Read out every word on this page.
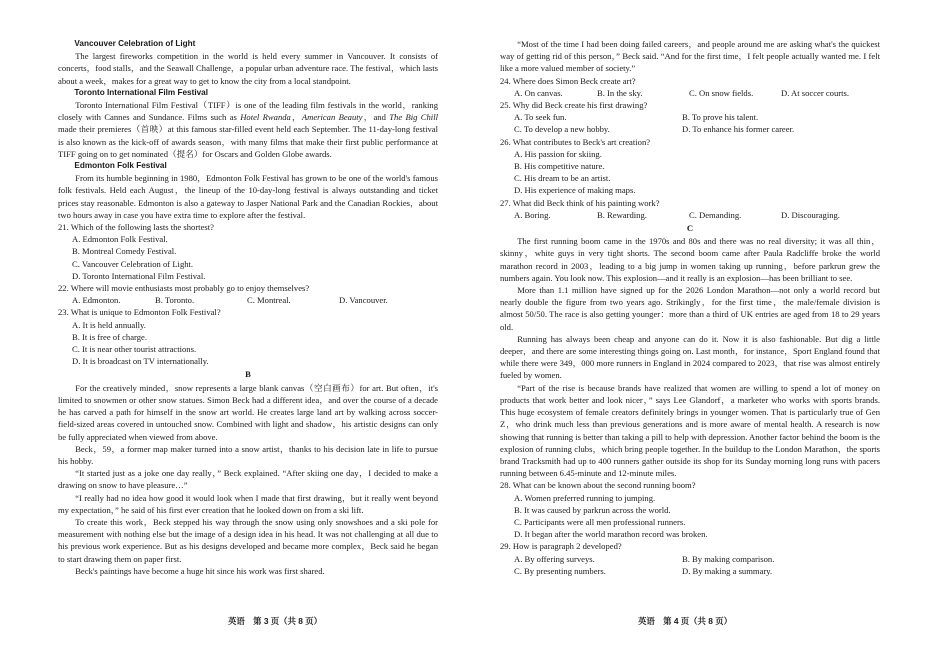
Vancouver Celebration of Light

The largest fireworks competition in the world is held every summer in Vancouver. It consists of concerts，food stalls，and the Seawall Challenge，a popular urban adventure race. The festival，which lasts about a week，makes for a great way to get to know the city from a local standpoint.

Toronto International Film Festival

Toronto International Film Festival（TIFF）is one of the leading film festivals in the world，ranking closely with Cannes and Sundance. Films such as Hotel Rwanda，American Beauty，and The Big Chill made their premieres（首映）at this famous star-filled event held each September. The 11-day-long festival is also known as the kick-off of awards season，with many films that make their first public performance at TIFF going on to get nominated（提名）for Oscars and Golden Globe awards.

Edmonton Folk Festival

From its humble beginning in 1980，Edmonton Folk Festival has grown to be one of the world's famous folk festivals. Held each August，the lineup of the 10-day-long festival is always outstanding and ticket prices stay reasonable. Edmonton is also a gateway to Jasper National Park and the Canadian Rockies，about two hours away in case you have extra time to explore after the festival.

21. Which of the following lasts the shortest?

A. Edmonton Folk Festival.

B. Montreal Comedy Festival.

C. Vancouver Celebration of Light.

D. Toronto International Film Festival.

22. Where will movie enthusiasts most probably go to enjoy themselves?

A. Edmonton.	B. Toronto.	C. Montreal.	D. Vancouver.

23. What is unique to Edmonton Folk Festival?

A. It is held annually.

B. It is free of charge.

C. It is near other tourist attractions.

D. It is broadcast on TV internationally.

B

For the creatively minded，snow represents a large blank canvas（空白画布）for art. But often，it's limited to snowmen or other snow statues. Simon Beck had a different idea，and over the course of a decade he has carved a path for himself in the snow art world. He creates large land art by walking across soccer-field-sized areas covered in untouched snow. Combined with light and shadow，his artistic designs can only be fully appreciated when viewed from above.

Beck，59，a former map maker turned into a snow artist，thanks to his decision late in life to pursue his hobby.

“It started just as a joke one day really，” Beck explained. “After skiing one day，I decided to make a drawing on snow to have pleasure…”

“I really had no idea how good it would look when I made that first drawing，but it really went beyond my expectation，” he said of his first ever creation that he looked down on from a ski lift.

To create this work，Beck stepped his way through the snow using only snowshoes and a ski pole for measurement with nothing else but the image of a design idea in his head. It was not challenging at all due to his previous work experience. But as his designs developed and became more complex，Beck said he began to start drawing them on paper first.

Beck's paintings have become a huge hit since his work was first shared.

“Most of the time I had been doing failed careers，and people around me are asking what's the quickest way of getting rid of this person，” Beck said. “And for the first time，I felt people actually wanted me. I felt like a more valued member of society.”

24. Where does Simon Beck create art?

A. On canvas.	B. In the sky.	C. On snow fields.	D. At soccer courts.

25. Why did Beck create his first drawing?

A. To seek fun.	B. To prove his talent.
C. To develop a new hobby.	D. To enhance his former career.

26. What contributes to Beck's art creation?

A. His passion for skiing.

B. His competitive nature.

C. His dream to be an artist.

D. His experience of making maps.

27. What did Beck think of his painting work?

A. Boring.	B. Rewarding.	C. Demanding.	D. Discouraging.

C

The first running boom came in the 1970s and 80s and there was no real diversity; it was all thin，skinny，white guys in very tight shorts. The second boom came after Paula Radcliffe broke the world marathon record in 2003，leading to a big jump in women taking up running，before parkrun grew the numbers again. You look now. This explosion—and it really is an explosion—has been brilliant to see.

More than 1.1 million have signed up for the 2026 London Marathon—not only a world record but nearly double the figure from two years ago. Strikingly，for the first time，the male/female division is almost 50/50. The race is also getting younger：more than a third of UK entries are aged from 18 to 29 years old.

Running has always been cheap and anyone can do it. Now it is also fashionable. But dig a little deeper，and there are some interesting things going on. Last month，for instance，Sport England found that while there were 349，000 more runners in England in 2024 compared to 2023，that rise was almost entirely fueled by women.

“Part of the rise is because brands have realized that women are willing to spend a lot of money on products that work better and look nicer，” says Lee Glandorf，a marketer who works with sports brands. This huge ecosystem of female creators definitely brings in younger women. That is particularly true of Gen Z，who drink much less than previous generations and is more aware of mental health. A research is now showing that running is better than taking a pill to help with depression. Another factor behind the boom is the explosion of running clubs，which bring people together. In the buildup to the London Marathon，the sports brand Tracksmith had up to 400 runners gather outside its shop for its Sunday morning long runs with pacers running between 6.45-minute and 12-minute miles.

28. What can be known about the second running boom?

A. Women preferred running to jumping.

B. It was caused by parkrun across the world.

C. Participants were all men professional runners.

D. It began after the world marathon record was broken.

29. How is paragraph 2 developed?

A. By offering surveys.	B. By making comparison.
C. By presenting numbers.	D. By making a summary.
英语　第 3 页（共 8 页）	英语　第 4 页（共 8 页）
